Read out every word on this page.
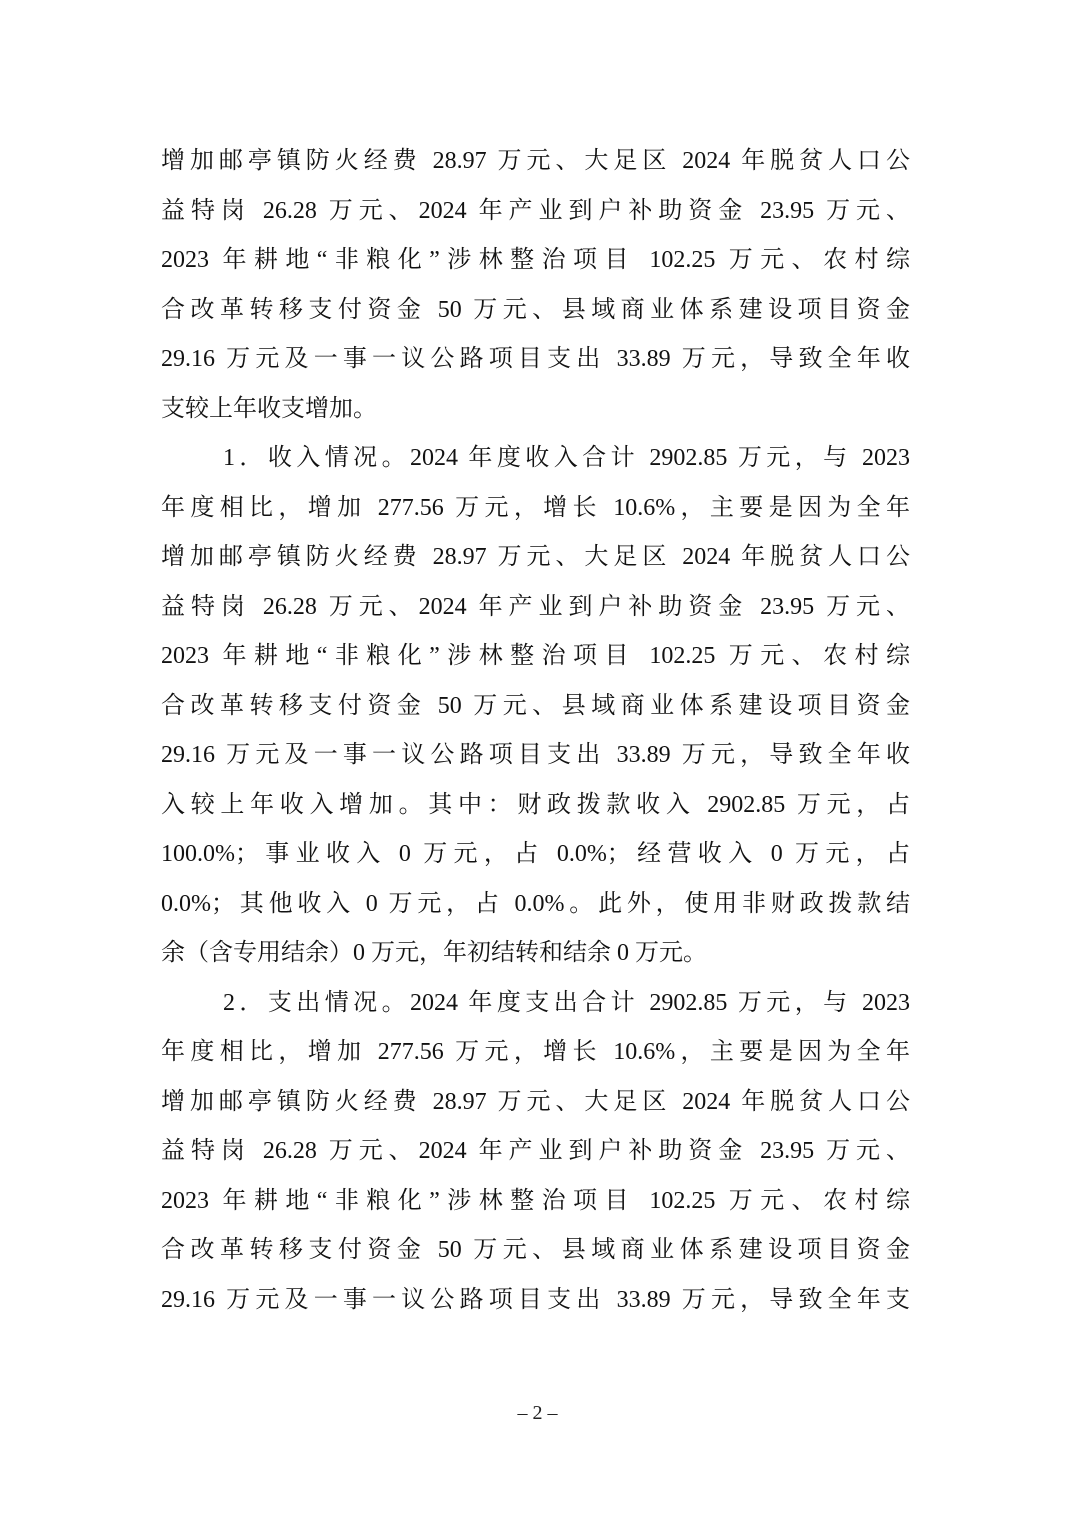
增加邮亭镇防火经费 28.97 万元、大足区 2024 年脱贫人口公
益特岗 26.28 万元、2024 年产业到户补助资金 23.95 万元、
2023 年耕地“非粮化”涉林整治项目 102.25 万元、农村综
合改革转移支付资金 50 万元、县域商业体系建设项目资金
29.16 万元及一事一议公路项目支出 33.89 万元，导致全年收
支较上年收支增加。
1．收入情况。2024 年度收入合计 2902.85 万元，与 2023
年度相比，增加 277.56 万元，增长 10.6%，主要是因为全年
增加邮亭镇防火经费 28.97 万元、大足区 2024 年脱贫人口公
益特岗 26.28 万元、2024 年产业到户补助资金 23.95 万元、
2023 年耕地“非粮化”涉林整治项目 102.25 万元、农村综
合改革转移支付资金 50 万元、县域商业体系建设项目资金
29.16 万元及一事一议公路项目支出 33.89 万元，导致全年收
入较上年收入增加。其中：财政拨款收入 2902.85 万元，占
100.0%；事业收入 0 万元，占 0.0%；经营收入 0 万元，占
0.0%；其他收入 0 万元，占 0.0%。此外，使用非财政拨款结
余（含专用结余）0 万元，年初结转和结余 0 万元。
2．支出情况。2024 年度支出合计 2902.85 万元，与 2023
年度相比，增加 277.56 万元，增长 10.6%，主要是因为全年
增加邮亭镇防火经费 28.97 万元、大足区 2024 年脱贫人口公
益特岗 26.28 万元、2024 年产业到户补助资金 23.95 万元、
2023 年耕地“非粮化”涉林整治项目 102.25 万元、农村综
合改革转移支付资金 50 万元、县域商业体系建设项目资金
29.16 万元及一事一议公路项目支出 33.89 万元，导致全年支
– 2 –
